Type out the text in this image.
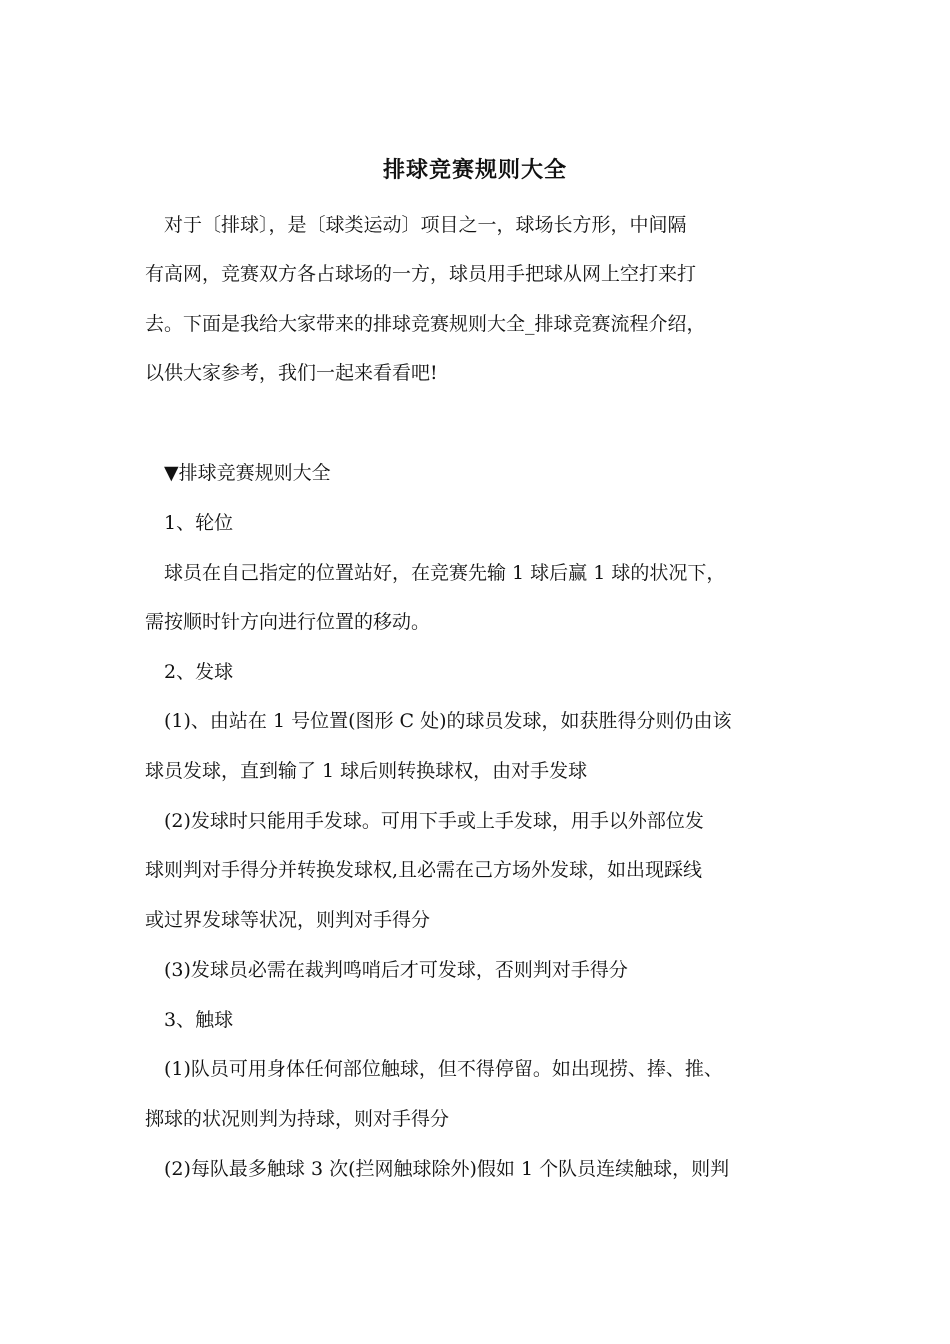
排球竞赛规则大全
　对于〔排球〕，是〔球类运动〕项目之一，球场长方形，中间隔
有高网，竞赛双方各占球场的一方，球员用手把球从网上空打来打
去。下面是我给大家带来的排球竞赛规则大全_排球竞赛流程介绍，
以供大家参考，我们一起来看看吧!
　▼排球竞赛规则大全
　1、轮位
　球员在自己指定的位置站好，在竞赛先输 1 球后赢 1 球的状况下，
需按顺时针方向进行位置的移动。
　2、发球
　(1)、由站在 1 号位置(图形 C 处)的球员发球，如获胜得分则仍由该
球员发球，直到输了 1 球后则转换球权，由对手发球
　(2)发球时只能用手发球。可用下手或上手发球，用手以外部位发
球则判对手得分并转换发球权,且必需在己方场外发球，如出现踩线
或过界发球等状况，则判对手得分
　(3)发球员必需在裁判鸣哨后才可发球，否则判对手得分
　3、触球
　(1)队员可用身体任何部位触球，但不得停留。如出现捞、捧、推、
掷球的状况则判为持球，则对手得分
　(2)每队最多触球 3 次(拦网触球除外)假如 1 个队员连续触球，则判
